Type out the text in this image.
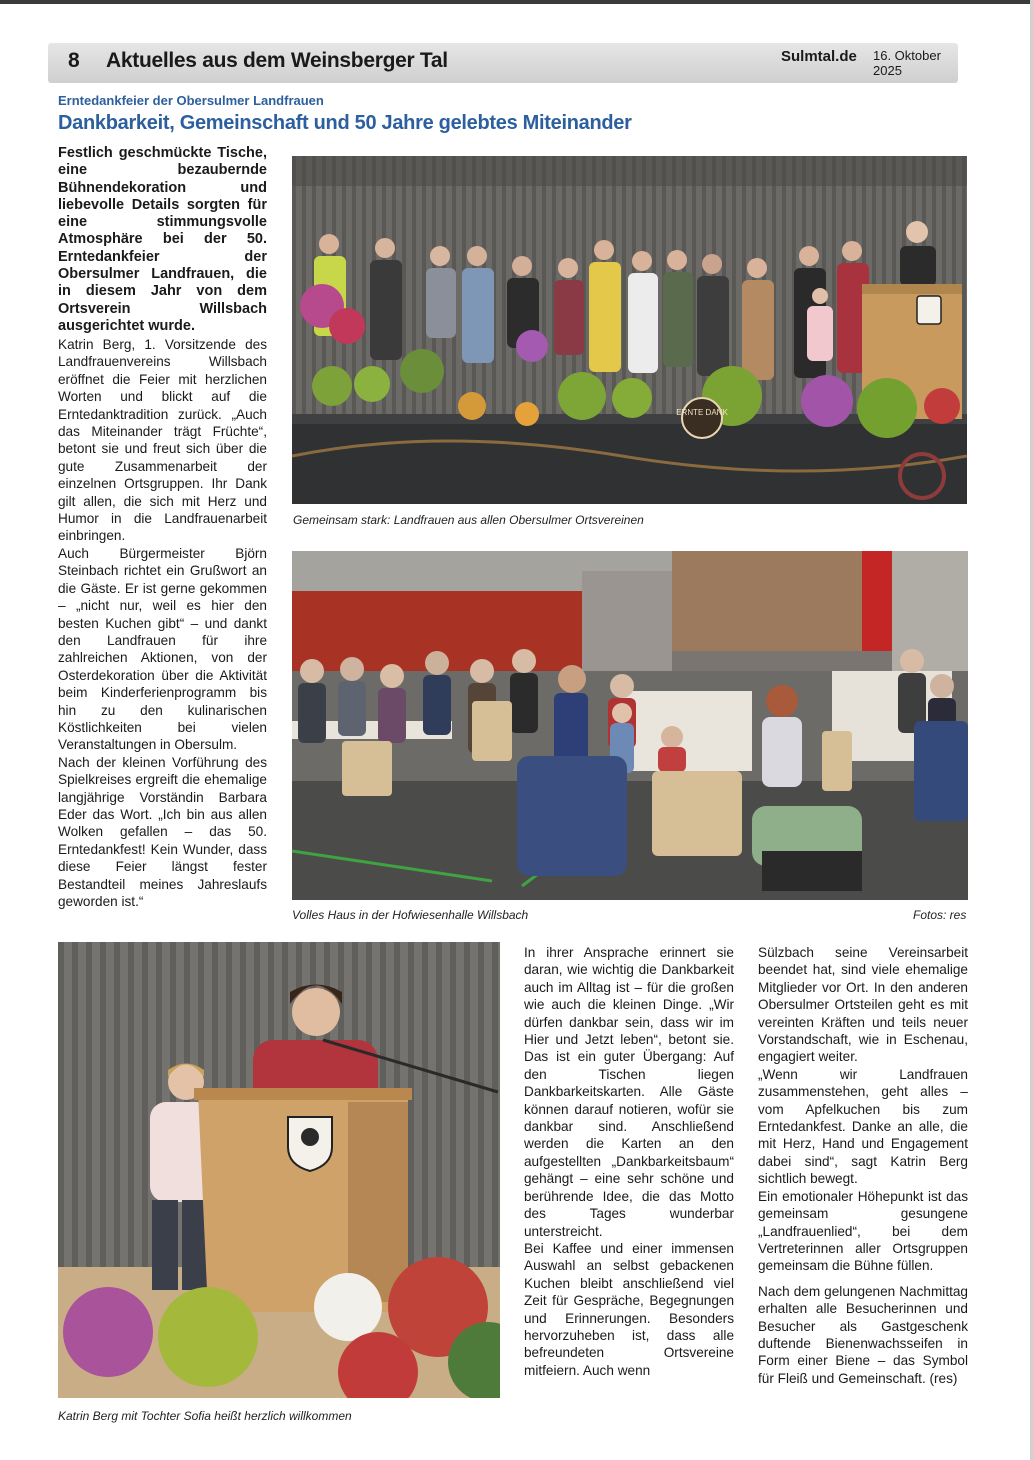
8 Aktuelles aus dem Weinsberger Tal	Sulmtal.de 16. Oktober 2025
Erntedankfeier der Obersulmer Landfrauen
Dankbarkeit, Gemeinschaft und 50 Jahre gelebtes Miteinander
Festlich geschmückte Tische, eine bezaubernde Bühnendekoration und liebevolle Details sorgten für eine stimmungsvolle Atmosphäre bei der 50. Erntedankfeier der Obersulmer Landfrauen, die in diesem Jahr von dem Ortsverein Willsbach ausgerichtet wurde.

Katrin Berg, 1. Vorsitzende des Landfrauenvereins Willsbach eröffnet die Feier mit herzlichen Worten und blickt auf die Erntedanktradition zurück. „Auch das Miteinander trägt Früchte“, betont sie und freut sich über die gute Zusammenarbeit der einzelnen Ortsgruppen. Ihr Dank gilt allen, die sich mit Herz und Humor in die Landfrauenarbeit einbringen.

Auch Bürgermeister Björn Steinbach richtet ein Grußwort an die Gäste. Er ist gerne gekommen – „nicht nur, weil es hier den besten Kuchen gibt“ – und dankt den Landfrauen für ihre zahlreichen Aktionen, von der Osterdekoration über die Aktivität beim Kinderferienprogramm bis hin zu den kulinarischen Köstlichkeiten bei vielen Veranstaltungen in Obersulm.

Nach der kleinen Vorführung des Spielkreises ergreift die ehemalige langjährige Vorständin Barbara Eder das Wort. „Ich bin aus allen Wolken gefallen – das 50. Erntedankfest! Kein Wunder, dass diese Feier längst fester Bestandteil meines Jahreslaufs geworden ist.“

ERNTE DANK
Gemeinsam stark: Landfrauen aus allen Obersulmer Ortsvereinen
Volles Haus in der Hofwiesenhalle Willsbach	Fotos: res
Katrin Berg mit Tochter Sofia heißt herzlich willkommen

In ihrer Ansprache erinnert sie daran, wie wichtig die Dankbarkeit auch im Alltag ist – für die großen wie auch die kleinen Dinge. „Wir dürfen dankbar sein, dass wir im Hier und Jetzt leben“, betont sie. Das ist ein guter Übergang: Auf den Tischen liegen Dankbarkeitskarten. Alle Gäste können darauf notieren, wofür sie dankbar sind. Anschließend werden die Karten an den aufgestellten „Dankbarkeitsbaum“ gehängt – eine sehr schöne und berührende Idee, die das Motto des Tages wunderbar unterstreicht.

Bei Kaffee und einer immensen Auswahl an selbst gebackenen Kuchen bleibt anschließend viel Zeit für Gespräche, Begegnungen und Erinnerungen. Besonders hervorzuheben ist, dass alle befreundeten Ortsvereine mitfeiern. Auch wenn

Sülzbach seine Vereinsarbeit beendet hat, sind viele ehemalige Mitglieder vor Ort. In den anderen Obersulmer Ortsteilen geht es mit vereinten Kräften und teils neuer Vorstandschaft, wie in Eschenau, engagiert weiter.

„Wenn wir Landfrauen zusammenstehen, geht alles – vom Apfelkuchen bis zum Erntedankfest. Danke an alle, die mit Herz, Hand und Engagement dabei sind“, sagt Katrin Berg sichtlich bewegt.

Ein emotionaler Höhepunkt ist das gemeinsam gesungene „Landfrauenlied“, bei dem Vertreterinnen aller Ortsgruppen gemeinsam die Bühne füllen.

Nach dem gelungenen Nachmittag erhalten alle Besucherinnen und Besucher als Gastgeschenk duftende Bienenwachsseifen in Form einer Biene – das Symbol für Fleiß und Gemeinschaft. (res)
